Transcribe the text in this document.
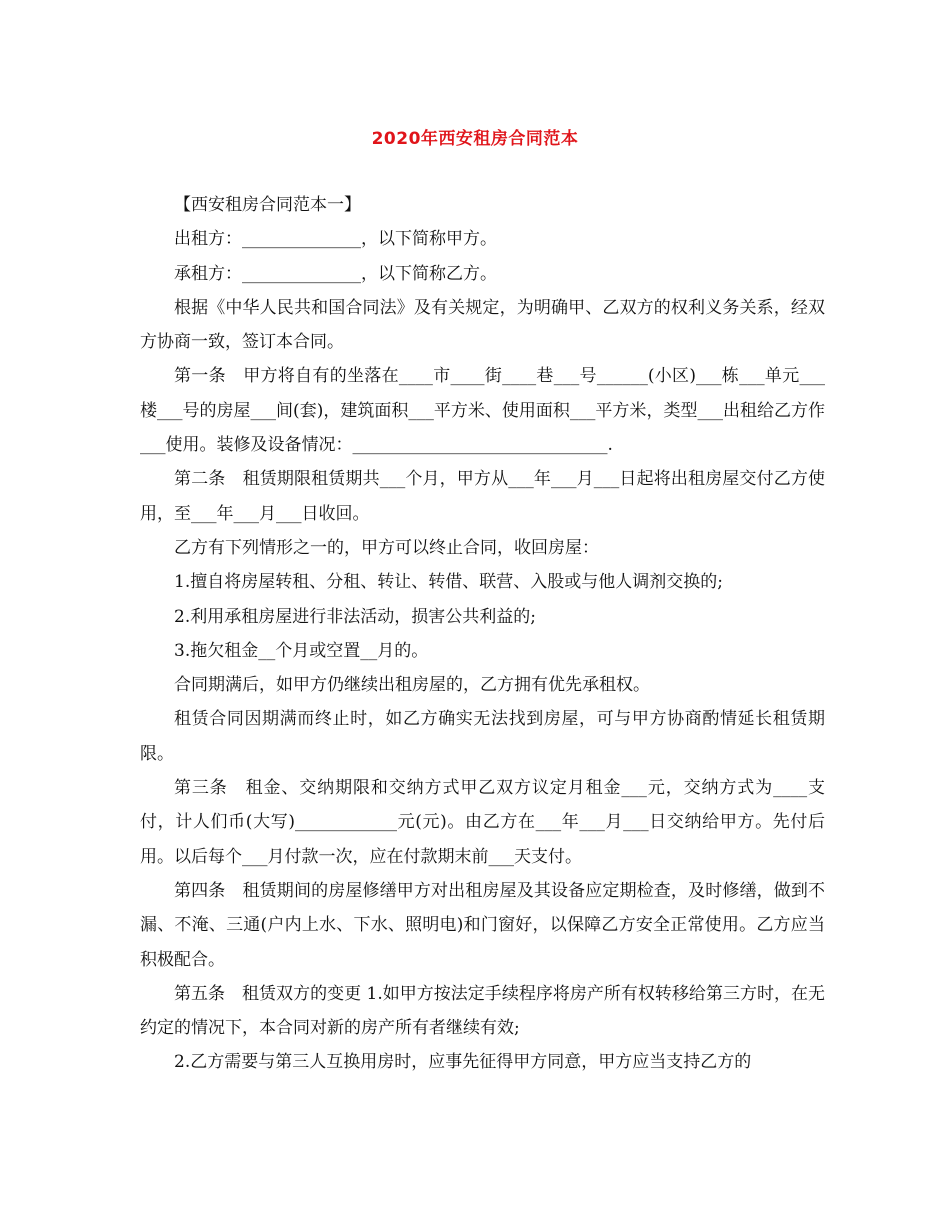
2020年西安租房合同范本

【西安租房合同范本一】

出租方：______________，以下简称甲方。

承租方：______________，以下简称乙方。

根据《中华人民共和国合同法》及有关规定，为明确甲、乙双方的权利义务关系，经双方协商一致，签订本合同。

第一条　甲方将自有的坐落在____市____街____巷___号______(小区)___栋___单元___楼___号的房屋___间(套)，建筑面积___平方米、使用面积___平方米，类型___出租给乙方作___使用。装修及设备情况：______________________________.

第二条　租赁期限租赁期共___个月，甲方从___年___月___日起将出租房屋交付乙方使用，至___年___月___日收回。

乙方有下列情形之一的，甲方可以终止合同，收回房屋：

1.擅自将房屋转租、分租、转让、转借、联营、入股或与他人调剂交换的;

2.利用承租房屋进行非法活动，损害公共利益的;

3.拖欠租金__个月或空置__月的。

合同期满后，如甲方仍继续出租房屋的，乙方拥有优先承租权。

租赁合同因期满而终止时，如乙方确实无法找到房屋，可与甲方协商酌情延长租赁期限。

第三条　租金、交纳期限和交纳方式甲乙双方议定月租金___元，交纳方式为____支付，计人们币(大写)____________元(元)。由乙方在___年___月___日交纳给甲方。先付后用。以后每个___月付款一次，应在付款期末前___天支付。

第四条　租赁期间的房屋修缮甲方对出租房屋及其设备应定期检查，及时修缮，做到不漏、不淹、三通(户内上水、下水、照明电)和门窗好，以保障乙方安全正常使用。乙方应当积极配合。

第五条　租赁双方的变更 1.如甲方按法定手续程序将房产所有权转移给第三方时，在无约定的情况下，本合同对新的房产所有者继续有效;

2.乙方需要与第三人互换用房时，应事先征得甲方同意，甲方应当支持乙方的
